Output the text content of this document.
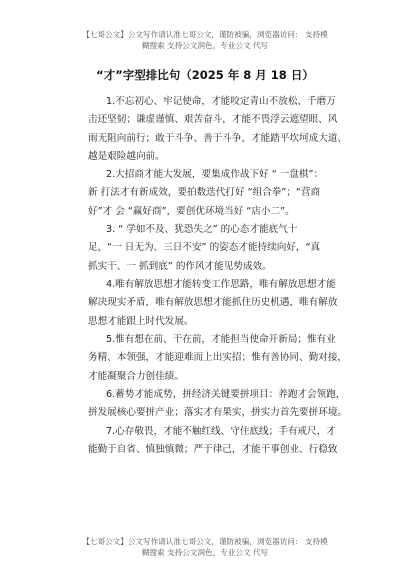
【七哥公文】公文写作请认准七哥公文，谨防被骗，浏览器访问： 支持模
糊搜索 支持公文润色，专业公文 代写
“才”字型排比句（2025 年 8 月 18 日）
1.不忘初心、牢记使命，才能咬定青山不放松、千磨万
击还坚韧；谦虚谨慎、艰苦奋斗，才能不畏浮云遮望眼、风
雨无阻向前行；敢于斗争、善于斗争，才能踏平坎坷成大道、
越是艰险越向前。
2.大招商才能大发展，要集成作战下好 “ 一盘棋”：
新 打法才有新成效，要拍数迭代打好 “组合拳”；“营商
好”才 会 “赢好商”，要创优环境当好 “店小二”。
3. “ 学如不及、犹恐失之” 的心态才能底气十
足，“一 日无为、三日不安” 的姿态才能持续向好，“真
抓实干、一 抓到底” 的作风才能见势成效。
4.唯有解放思想才能转变工作思路，唯有解放思想才能
解决现实矛盾，唯有解放思想才能抓住历史机遇，唯有解放
思想才能跟上时代发展。
5.惟有想在前、干在前，才能担当使命开新局；惟有业
务精、本领强，才能迎难而上出实招；惟有善协同、勤对接，
才能凝聚合力创佳绩。
6.蓄势才能成势，拼经济关键要拼项目：养跑才会领跑，
拼发展核心要拼产业；落实才有果实，拼实力首先要拼环境。
7.心存敬畏，才能不触红线、守住底线；手有戒尺，才
能勤于自省、慎独慎微；严于律己，才能干事创业、行稳致
【七哥公文】公文写作请认准七哥公文，谨防被骗，浏览器访问： 支持模
糊搜索 支持公文润色，专业公文 代写
